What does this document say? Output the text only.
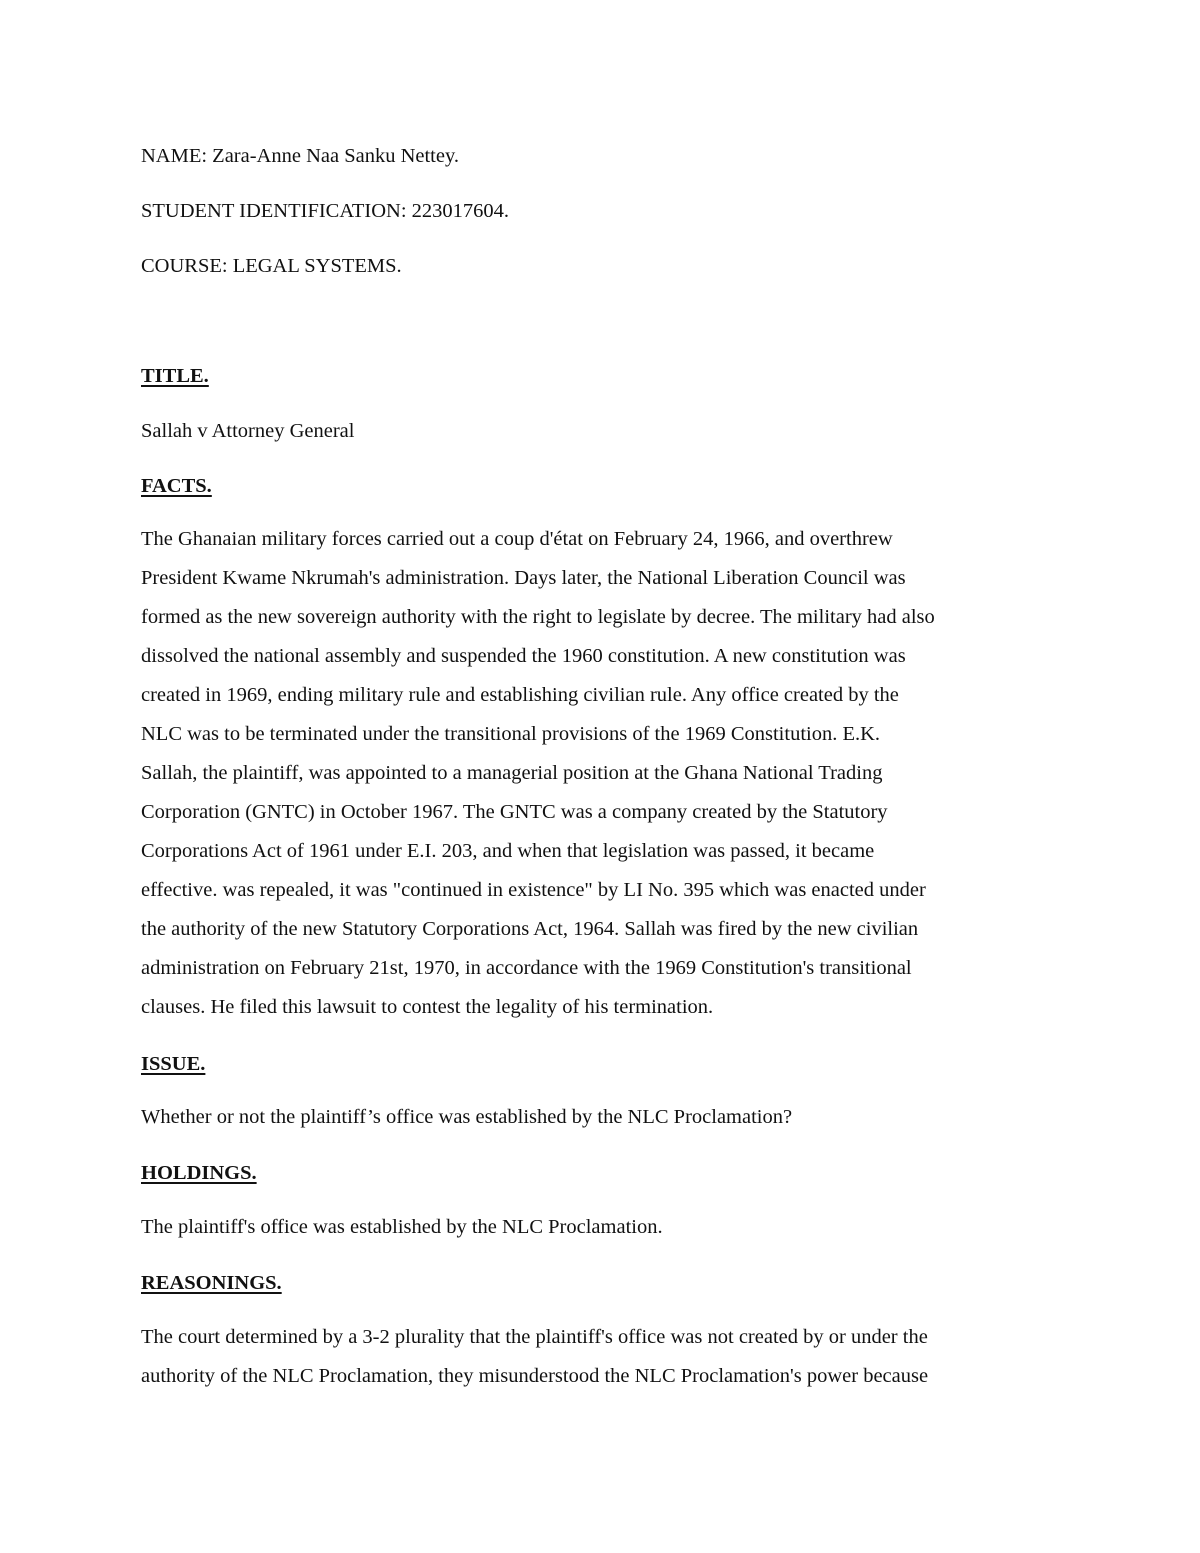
NAME: Zara-Anne Naa Sanku Nettey.
STUDENT IDENTIFICATION: 223017604.
COURSE: LEGAL SYSTEMS.
TITLE.
Sallah v Attorney General
FACTS.
The Ghanaian military forces carried out a coup d'état on February 24, 1966, and overthrew
President Kwame Nkrumah's administration. Days later, the National Liberation Council was
formed as the new sovereign authority with the right to legislate by decree. The military had also
dissolved the national assembly and suspended the 1960 constitution. A new constitution was
created in 1969, ending military rule and establishing civilian rule. Any office created by the
NLC was to be terminated under the transitional provisions of the 1969 Constitution. E.K.
Sallah, the plaintiff, was appointed to a managerial position at the Ghana National Trading
Corporation (GNTC) in October 1967. The GNTC was a company created by the Statutory
Corporations Act of 1961 under E.I. 203, and when that legislation was passed, it became
effective. was repealed, it was "continued in existence" by LI No. 395 which was enacted under
the authority of the new Statutory Corporations Act, 1964. Sallah was fired by the new civilian
administration on February 21st, 1970, in accordance with the 1969 Constitution's transitional
clauses. He filed this lawsuit to contest the legality of his termination.
ISSUE.
Whether or not the plaintiff’s office was established by the NLC Proclamation?
HOLDINGS.
The plaintiff's office was established by the NLC Proclamation.
REASONINGS.
The court determined by a 3-2 plurality that the plaintiff's office was not created by or under the
authority of the NLC Proclamation, they misunderstood the NLC Proclamation's power because
